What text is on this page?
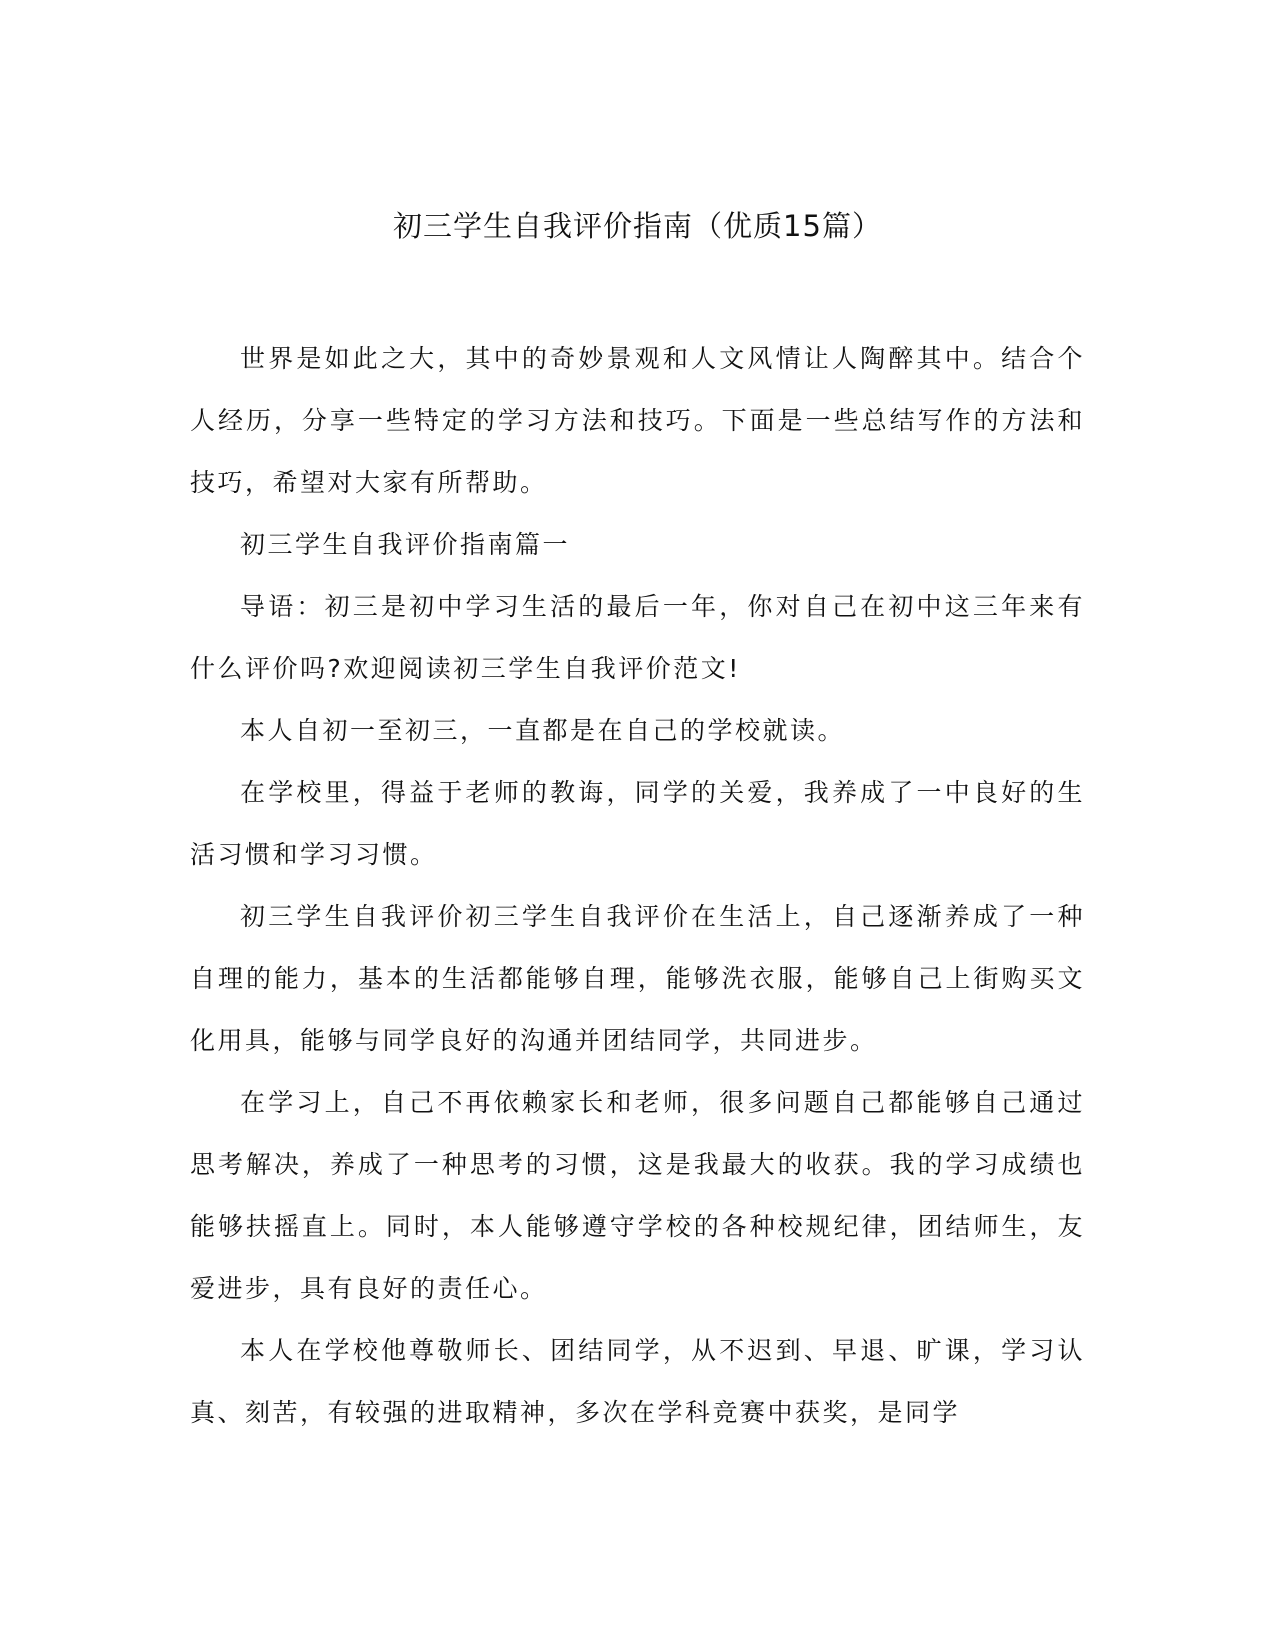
初三学生自我评价指南（优质15篇）

世界是如此之大，其中的奇妙景观和人文风情让人陶醉其中。结合个人经历，分享一些特定的学习方法和技巧。下面是一些总结写作的方法和技巧，希望对大家有所帮助。

初三学生自我评价指南篇一

导语：初三是初中学习生活的最后一年，你对自己在初中这三年来有什么评价吗?欢迎阅读初三学生自我评价范文!

本人自初一至初三，一直都是在自己的学校就读。

在学校里，得益于老师的教诲，同学的关爱，我养成了一中良好的生活习惯和学习习惯。

初三学生自我评价初三学生自我评价在生活上，自己逐渐养成了一种自理的能力，基本的生活都能够自理，能够洗衣服，能够自己上街购买文化用具，能够与同学良好的沟通并团结同学，共同进步。

在学习上，自己不再依赖家长和老师，很多问题自己都能够自己通过思考解决，养成了一种思考的习惯，这是我最大的收获。我的学习成绩也能够扶摇直上。同时，本人能够遵守学校的各种校规纪律，团结师生，友爱进步，具有良好的责任心。

本人在学校他尊敬师长、团结同学，从不迟到、早退、旷课，学习认真、刻苦，有较强的进取精神，多次在学科竞赛中获奖，是同学
